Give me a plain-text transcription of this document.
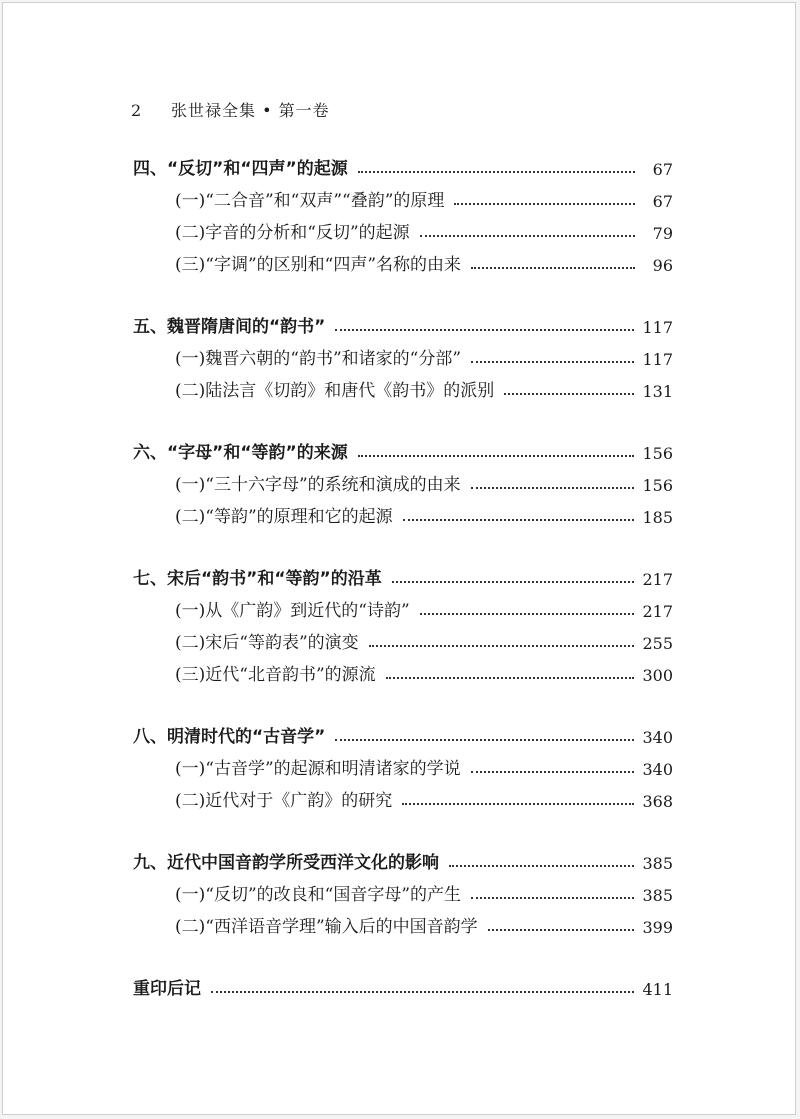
2 张世禄全集 • 第一卷
四、“反切”和“四声”的起源	67
(一)“二合音”和“双声”“叠韵”的原理	67
(二)字音的分析和“反切”的起源	79
(三)“字调”的区别和“四声”名称的由来	96
五、魏晋隋唐间的“韵书”	117
(一)魏晋六朝的“韵书”和诸家的“分部”	117
(二)陆法言《切韵》和唐代《韵书》的派别	131
六、“字母”和“等韵”的来源	156
(一)“三十六字母”的系统和演成的由来	156
(二)“等韵”的原理和它的起源	185
七、宋后“韵书”和“等韵”的沿革	217
(一)从《广韵》到近代的“诗韵”	217
(二)宋后“等韵表”的演变	255
(三)近代“北音韵书”的源流	300
八、明清时代的“古音学”	340
(一)“古音学”的起源和明清诸家的学说	340
(二)近代对于《广韵》的研究	368
九、近代中国音韵学所受西洋文化的影响	385
(一)“反切”的改良和“国音字母”的产生	385
(二)“西洋语音学理”输入后的中国音韵学	399
重印后记	411
